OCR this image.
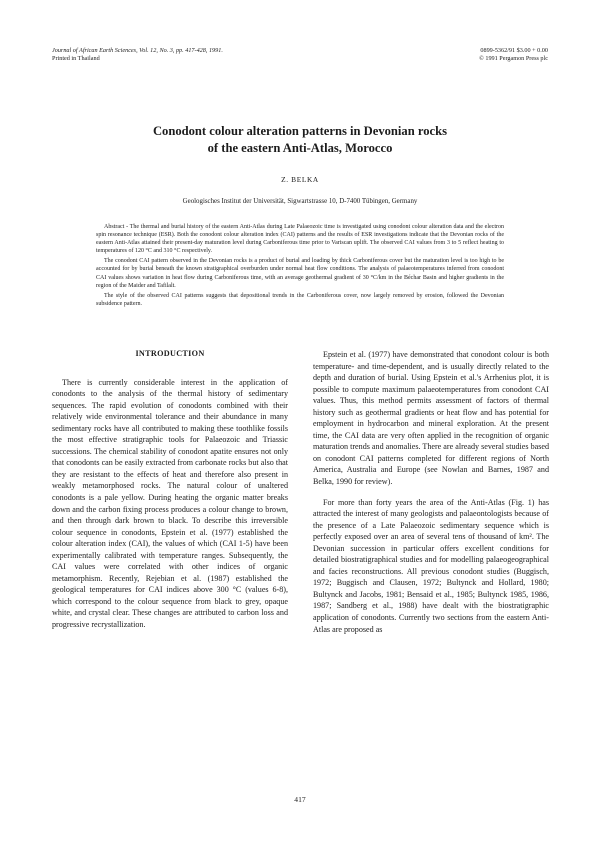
Journal of African Earth Sciences, Vol. 12, No. 3, pp. 417-428, 1991.
Printed in Thailand
0899-5362/91 $3.00 + 0.00
© 1991 Pergamon Press plc
Conodont colour alteration patterns in Devonian rocks
of the eastern Anti-Atlas, Morocco
Z. BELKA
Geologisches Institut der Universität, Sigwartstrasse 10, D-7400 Tübingen, Germany

Abstract - The thermal and burial history of the eastern Anti-Atlas during Late Palaeozoic time is investigated using conodont colour alteration data and the electron spin resonance technique (ESR). Both the conodont colour alteration index (CAI) patterns and the results of ESR investigations indicate that the Devonian rocks of the eastern Anti-Atlas attained their present-day maturation level during Carboniferous time prior to Variscan uplift. The observed CAI values from 3 to 5 reflect heating to temperatures of 120 °C and 310 °C respectively.

The conodont CAI pattern observed in the Devonian rocks is a product of burial and loading by thick Carboniferous cover but the maturation level is too high to be accounted for by burial beneath the known stratigraphical overburden under normal heat flow conditions. The analysis of palaeotemperatures inferred from conodont CAI values shows variation in heat flow during Carboniferous time, with an average geothermal gradient of 30 °C/km in the Béchar Basin and higher gradients in the region of the Maider and Tafilalt.

The style of the observed CAI patterns suggests that depositional trends in the Carboniferous cover, now largely removed by erosion, followed the Devonian subsidence pattern.

INTRODUCTION

There is currently considerable interest in the application of conodonts to the analysis of the thermal history of sedimentary sequences. The rapid evolution of conodonts combined with their relatively wide environmental tolerance and their abundance in many sedimentary rocks have all contributed to making these toothlike fossils the most effective stratigraphic tools for Palaeozoic and Triassic successions. The chemical stability of conodont apatite ensures not only that conodonts can be easily extracted from carbonate rocks but also that they are resistant to the effects of heat and therefore also present in weakly metamorphosed rocks. The natural colour of unaltered conodonts is a pale yellow. During heating the organic matter breaks down and the carbon fixing process produces a colour change to brown, and then through dark brown to black. To describe this irreversible colour sequence in conodonts, Epstein et al. (1977) established the colour alteration index (CAI), the values of which (CAI 1-5) have been experimentally calibrated with temperature ranges. Subsequently, the CAI values were correlated with other indices of organic metamorphism. Recently, Rejebian et al. (1987) established the geological temperatures for CAI indices above 300 °C (values 6-8), which correspond to the colour sequence from black to grey, opaque white, and crystal clear. These changes are attributed to carbon loss and progressive recrystallization.

Epstein et al. (1977) have demonstrated that conodont colour is both temperature- and time-dependent, and is usually directly related to the depth and duration of burial. Using Epstein et al.'s Arrhenius plot, it is possible to compute maximum palaeotemperatures from conodont CAI values. Thus, this method permits assessment of factors of thermal history such as geothermal gradients or heat flow and has potential for employment in hydrocarbon and mineral exploration. At the present time, the CAI data are very often applied in the recognition of organic maturation trends and anomalies. There are already several studies based on conodont CAI patterns completed for different regions of North America, Australia and Europe (see Nowlan and Barnes, 1987 and Belka, 1990 for review).

For more than forty years the area of the Anti-Atlas (Fig. 1) has attracted the interest of many geologists and palaeontologists because of the presence of a Late Palaeozoic sedimentary sequence which is perfectly exposed over an area of several tens of thousand of km². The Devonian succession in particular offers excellent conditions for detailed biostratigraphical studies and for modelling palaeogeographical and facies reconstructions. All previous conodont studies (Buggisch, 1972; Buggisch and Clausen, 1972; Bultynck and Hollard, 1980; Bultynck and Jacobs, 1981; Bensaid et al., 1985; Bultynck 1985, 1986, 1987; Sandberg et al., 1988) have dealt with the biostratigraphic application of conodonts. Currently two sections from the eastern Anti-Atlas are proposed as

417
